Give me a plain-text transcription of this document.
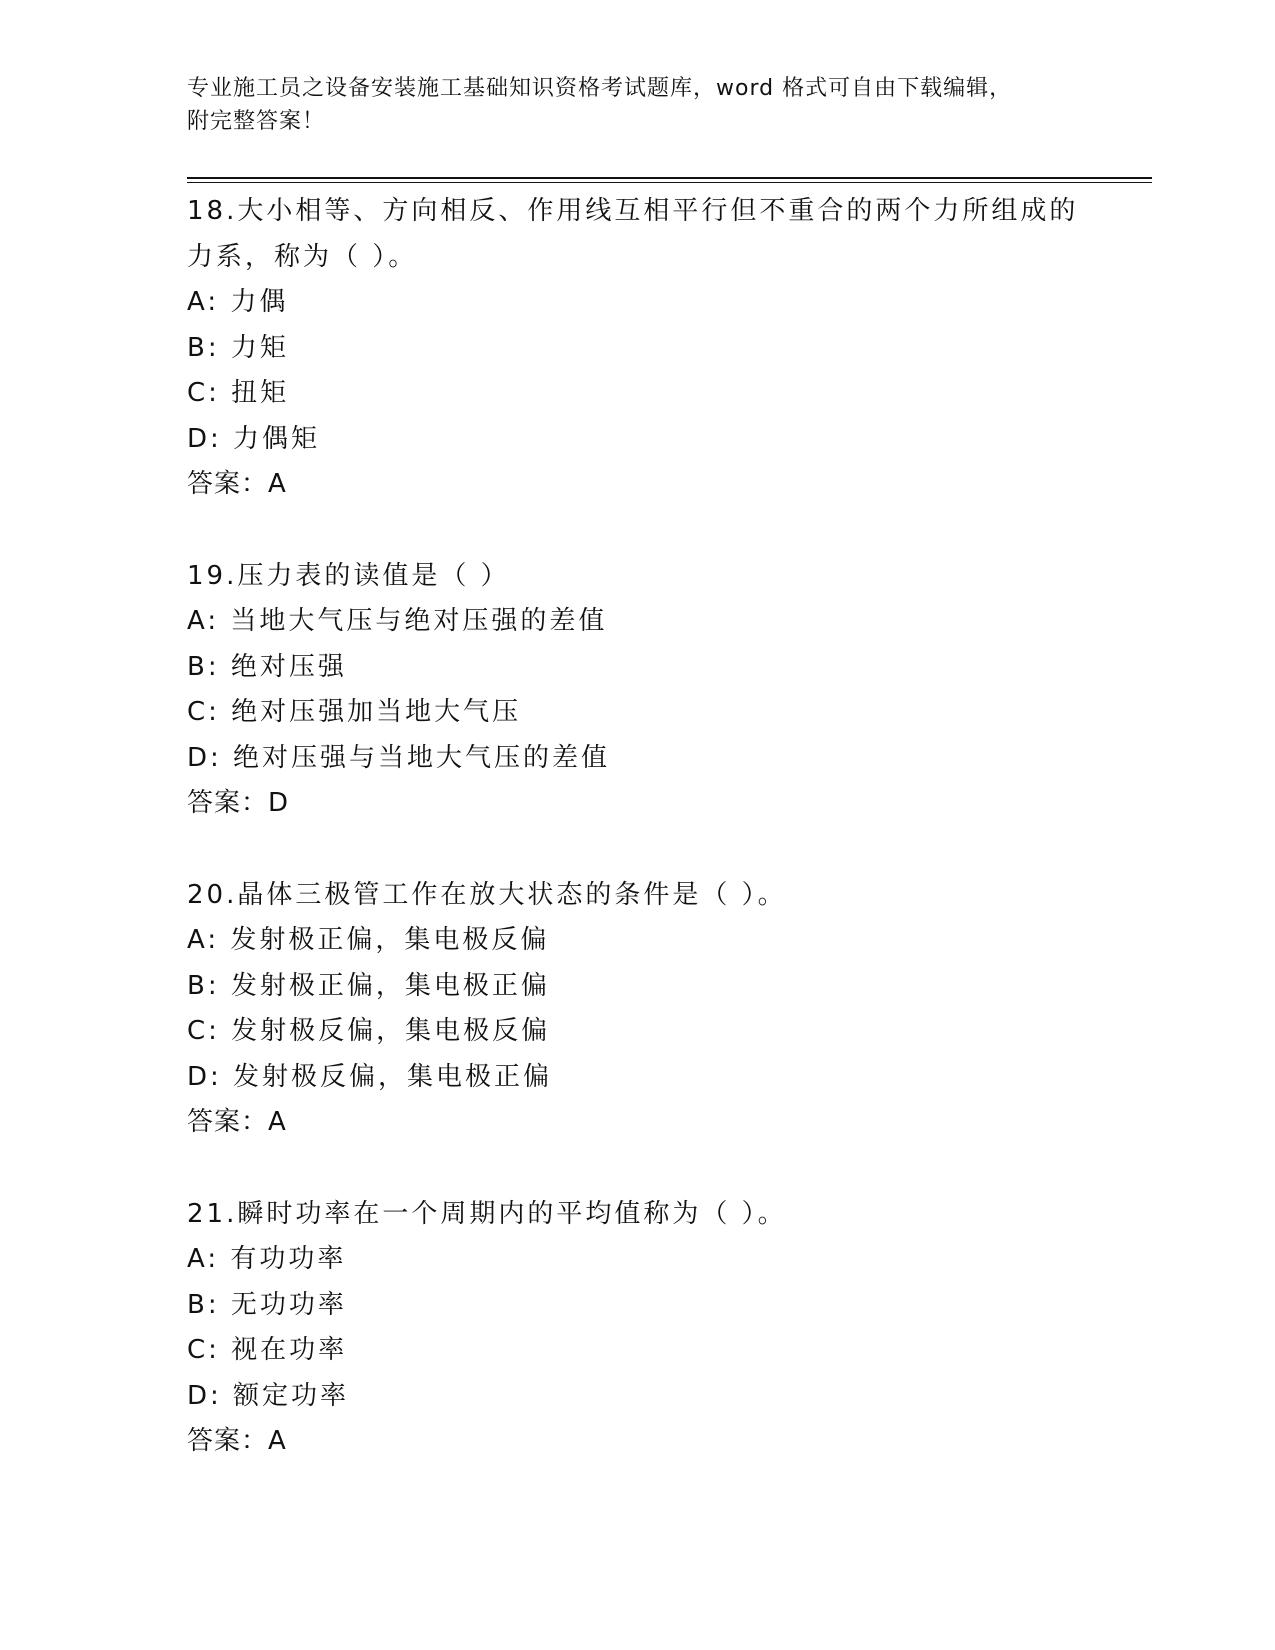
专业施工员之设备安装施工基础知识资格考试题库，word 格式可自由下载编辑，
附完整答案！
18.大小相等、方向相反、作用线互相平行但不重合的两个力所组成的
力系，称为（ ）。
A: 力偶
B: 力矩
C: 扭矩
D: 力偶矩
答案：A
19.压力表的读值是（ ）
A: 当地大气压与绝对压强的差值
B: 绝对压强
C: 绝对压强加当地大气压
D: 绝对压强与当地大气压的差值
答案：D
20.晶体三极管工作在放大状态的条件是（ ）。
A: 发射极正偏，集电极反偏
B: 发射极正偏，集电极正偏
C: 发射极反偏，集电极反偏
D: 发射极反偏，集电极正偏
答案：A
21.瞬时功率在一个周期内的平均值称为（ ）。
A: 有功功率
B: 无功功率
C: 视在功率
D: 额定功率
答案：A
